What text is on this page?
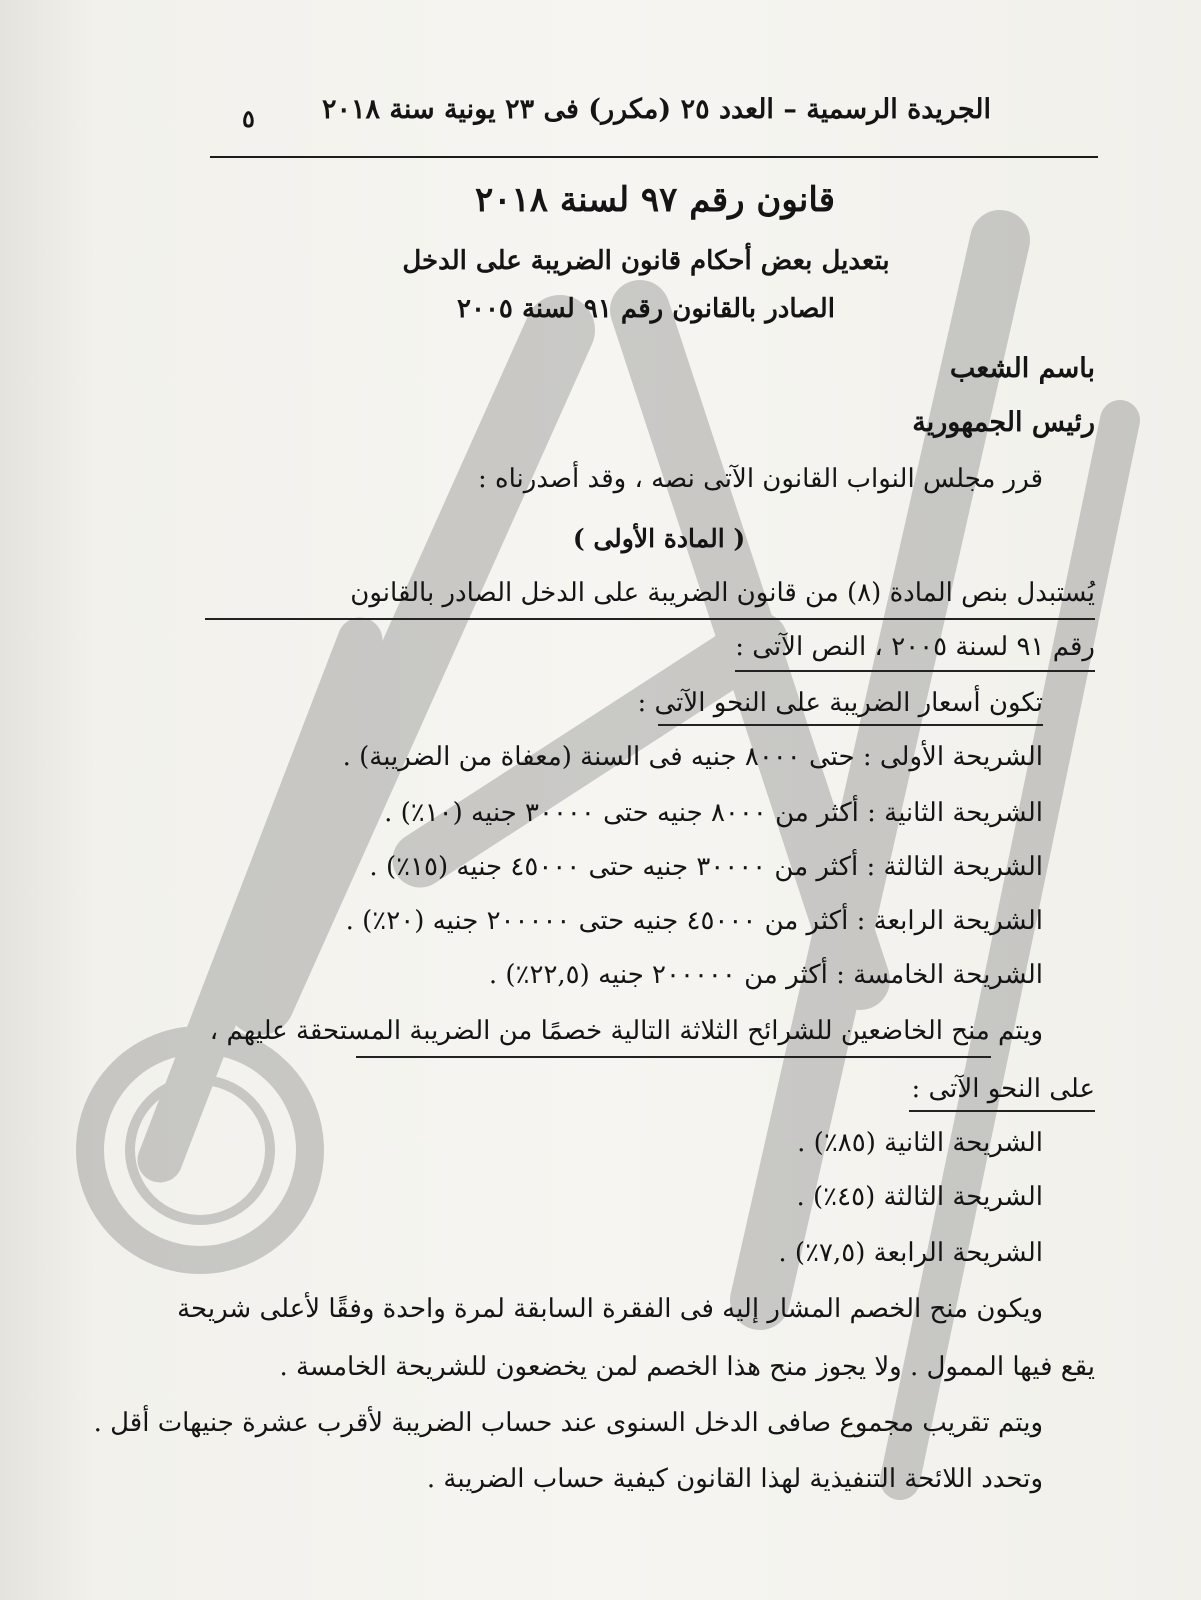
الجريدة الرسمية – العدد ٢٥ (مكرر) فى ٢٣ يونية سنة ٢٠١٨
٥
قانون رقم ٩٧ لسنة ٢٠١٨
بتعديل بعض أحكام قانون الضريبة على الدخل
الصادر بالقانون رقم ٩١ لسنة ٢٠٠٥
باسم الشعب
رئيس الجمهورية
قرر مجلس النواب القانون الآتى نصه ، وقد أصدرناه :
( المادة الأولى )
يُستبدل بنص المادة (٨) من قانون الضريبة على الدخل الصادر بالقانون
رقم ٩١ لسنة ٢٠٠٥ ، النص الآتى :
تكون أسعار الضريبة على النحو الآتى :
الشريحة الأولى : حتى ٨٠٠٠ جنيه فى السنة (معفاة من الضريبة) .
الشريحة الثانية : أكثر من ٨٠٠٠ جنيه حتى ٣٠٠٠٠ جنيه (١٠٪) .
الشريحة الثالثة : أكثر من ٣٠٠٠٠ جنيه حتى ٤٥٠٠٠ جنيه (١٥٪) .
الشريحة الرابعة : أكثر من ٤٥٠٠٠ جنيه حتى ٢٠٠٠٠٠ جنيه (٢٠٪) .
الشريحة الخامسة : أكثر من ٢٠٠٠٠٠ جنيه (٢٢,٥٪) .
ويتم منح الخاضعين للشرائح الثلاثة التالية خصمًا من الضريبة المستحقة عليهم ،
على النحو الآتى :
الشريحة الثانية (٨٥٪) .
الشريحة الثالثة (٤٥٪) .
الشريحة الرابعة (٧,٥٪) .
ويكون منح الخصم المشار إليه فى الفقرة السابقة لمرة واحدة وفقًا لأعلى شريحة
يقع فيها الممول . ولا يجوز منح هذا الخصم لمن يخضعون للشريحة الخامسة .
ويتم تقريب مجموع صافى الدخل السنوى عند حساب الضريبة لأقرب عشرة جنيهات أقل .
وتحدد اللائحة التنفيذية لهذا القانون كيفية حساب الضريبة .
